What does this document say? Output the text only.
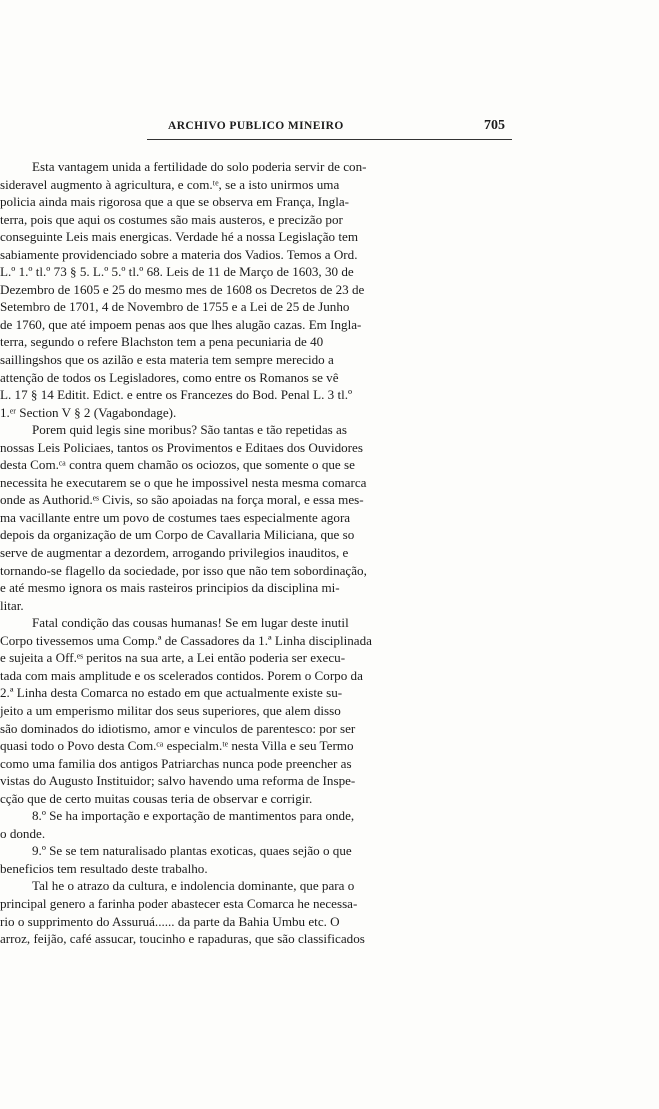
ARCHIVO PUBLICO MINEIRO	705
Esta vantagem unida a fertilidade do solo poderia servir de con-
sideravel augmento à agricultura, e com.ᵗᵉ, se a isto unirmos uma
policia ainda mais rigorosa que a que se observa em França, Ingla-
terra, pois que aqui os costumes são mais austeros, e precizão por
conseguinte Leis mais energicas. Verdade hé a nossa Legislação tem
sabiamente providenciado sobre a materia dos Vadios. Temos a Ord.
L.º 1.º tl.º 73 § 5. L.º 5.º tl.º 68. Leis de 11 de Março de 1603, 30 de
Dezembro de 1605 e 25 do mesmo mes de 1608 os Decretos de 23 de
Setembro de 1701, 4 de Novembro de 1755 e a Lei de 25 de Junho
de 1760, que até impoem penas aos que lhes alugão cazas. Em Ingla-
terra, segundo o refere Blachston tem a pena pecuniaria de 40
saillingshos que os azilão e esta materia tem sempre merecido a
attenção de todos os Legisladores, como entre os Romanos se vê
L. 17 § 14 Editit. Edict. e entre os Francezes do Bod. Penal L. 3 tl.º
1.ᵉʳ Section V § 2 (Vagabondage).
Porem quid legis sine moribus? São tantas e tão repetidas as
nossas Leis Policiaes, tantos os Provimentos e Editaes dos Ouvidores
desta Com.ᶜᵃ contra quem chamão os ociozos, que somente o que se
necessita he executarem se o que he impossivel nesta mesma comarca
onde as Authorid.ᵉˢ Civis, so são apoiadas na força moral, e essa mes-
ma vacillante entre um povo de costumes taes especialmente agora
depois da organização de um Corpo de Cavallaria Miliciana, que so
serve de augmentar a dezordem, arrogando privilegios inauditos, e
tornando-se flagello da sociedade, por isso que não tem sobordinação,
e até mesmo ignora os mais rasteiros principios da disciplina mi-
litar.
Fatal condição das cousas humanas! Se em lugar deste inutil
Corpo tivessemos uma Comp.ª de Cassadores da 1.ª Linha disciplinada
e sujeita a Off.ᵉˢ peritos na sua arte, a Lei então poderia ser execu-
tada com mais amplitude e os scelerados contidos. Porem o Corpo da
2.ª Linha desta Comarca no estado em que actualmente existe su-
jeito a um emperismo militar dos seus superiores, que alem disso
são dominados do idiotismo, amor e vinculos de parentesco: por ser
quasi todo o Povo desta Com.ᶜᵃ especialm.ᵗᵉ nesta Villa e seu Termo
como uma familia dos antigos Patriarchas nunca pode preencher as
vistas do Augusto Instituidor; salvo havendo uma reforma de Inspe-
cção que de certo muitas cousas teria de observar e corrigir.
8.º Se ha importação e exportação de mantimentos para onde,
o donde.
9.º Se se tem naturalisado plantas exoticas, quaes sejão o que
beneficios tem resultado deste trabalho.
Tal he o atrazo da cultura, e indolencia dominante, que para o
principal genero a farinha poder abastecer esta Comarca he necessa-
rio o supprimento do Assuruá...... da parte da Bahia Umbu etc. O
arroz, feijão, café assucar, toucinho e rapaduras, que são classificados
